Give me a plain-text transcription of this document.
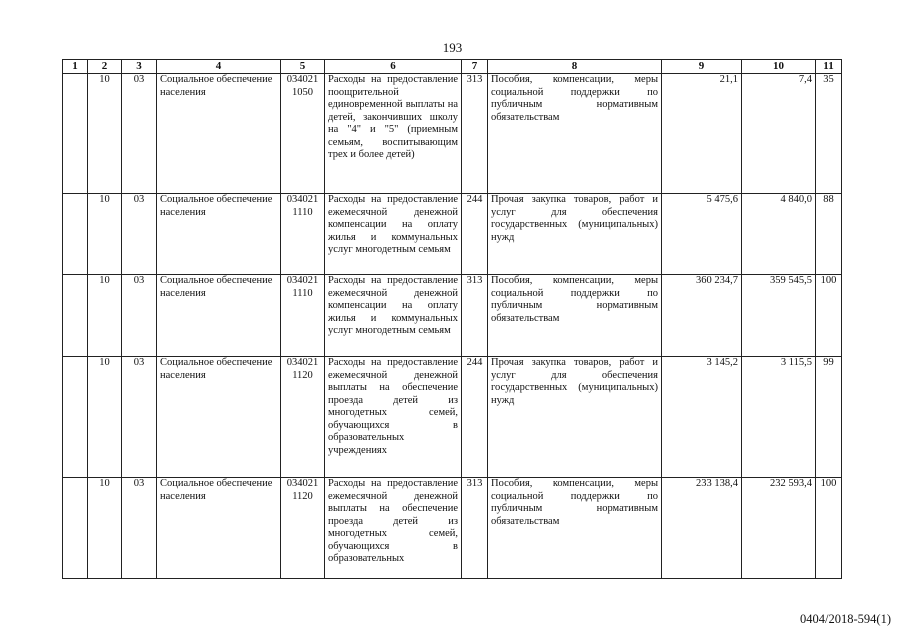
193
1	2	3	4	5	6	7	8	9	10	11
	10	03	Социальное обеспечение населения	034021 1050	Расходы на предоставление поощрительной единовременной выплаты на детей, закончивших школу на "4" и "5" (приемным семьям, воспитывающим трех и более детей)	313	Пособия, компенсации, меры социальной поддержки по публичным нормативным обязательствам	21,1	7,4	35
	10	03	Социальное обеспечение населения	034021 1110	Расходы на предоставление ежемесячной денежной компенсации на оплату жилья и коммунальных услуг многодетным семьям	244	Прочая закупка товаров, работ и услуг для обеспечения государственных (муниципальных) нужд	5 475,6	4 840,0	88
	10	03	Социальное обеспечение населения	034021 1110	Расходы на предоставление ежемесячной денежной компенсации на оплату жилья и коммунальных услуг многодетным семьям	313	Пособия, компенсации, меры социальной поддержки по публичным нормативным обязательствам	360 234,7	359 545,5	100
	10	03	Социальное обеспечение населения	034021 1120	Расходы на предоставление ежемесячной денежной выплаты на обеспечение проезда детей из многодетных семей, обучающихся в образовательных учреждениях	244	Прочая закупка товаров, работ и услуг для обеспечения государственных (муниципальных) нужд	3 145,2	3 115,5	99
	10	03	Социальное обеспечение населения	034021 1120	Расходы на предоставление ежемесячной денежной выплаты на обеспечение проезда детей из многодетных семей, обучающихся в образовательных	313	Пособия, компенсации, меры социальной поддержки по публичным нормативным обязательствам	233 138,4	232 593,4	100
0404/2018-594(1)
